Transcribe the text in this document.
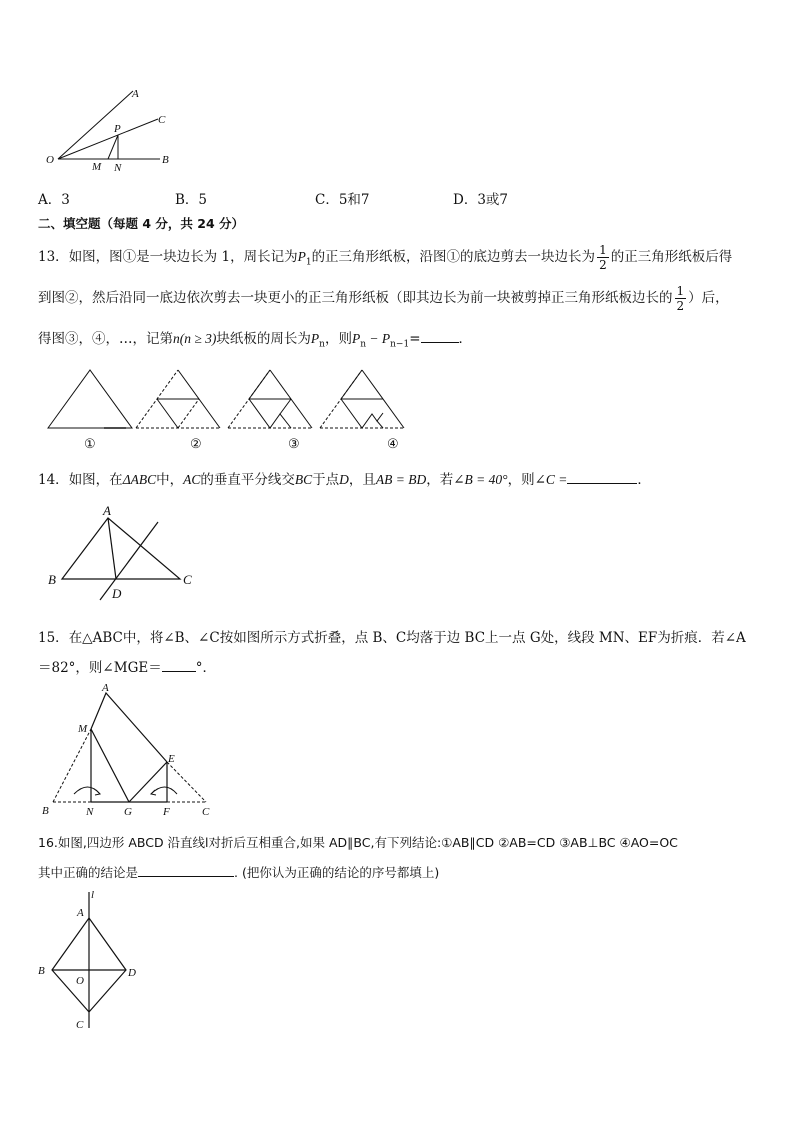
A
C
P
O
M N
B
A．3	B．5	C．5和7	D．3或7
二、填空题（每题 4 分，共 24 分）
13．如图，图①是一块边长为 1，周长记为$P_1$的正三角形纸板，沿图①的底边剪去一块边长为 $\frac{1}{2}$ 的正三角形纸板后得
到图②，然后沿同一底边依次剪去一块更小的正三角形纸板（即其边长为前一块被剪掉正三角形纸板边长的 $\frac{1}{2}$ ）后，
得图③，④，…，记第n(n ≥ 3)块纸板的周长为$P_n$，则$P_n - P_{n-1}=$	．
①	②	③	④
14．如图，在ΔABC中，AC的垂直平分线交BC于点D，且AB = BD，若∠B = 40°，则∠C =	．
A
B	C
D
15．在△ABC中，将∠B、∠C按如图所示方式折叠，点 B、C均落于边 BC上一点 G处，线段 MN、EF为折痕．若∠A
＝82°，则∠MGE＝	°．
A
M
E
B	N	G	F	C
16.如图,四边形 ABCD 沿直线l对折后互相重合,如果 AD∥BC,有下列结论:①AB∥CD ②AB=CD ③AB⊥BC ④AO=OC
其中正确的结论是	. (把你认为正确的结论的序号都填上)
l
A
B
O
D
C
